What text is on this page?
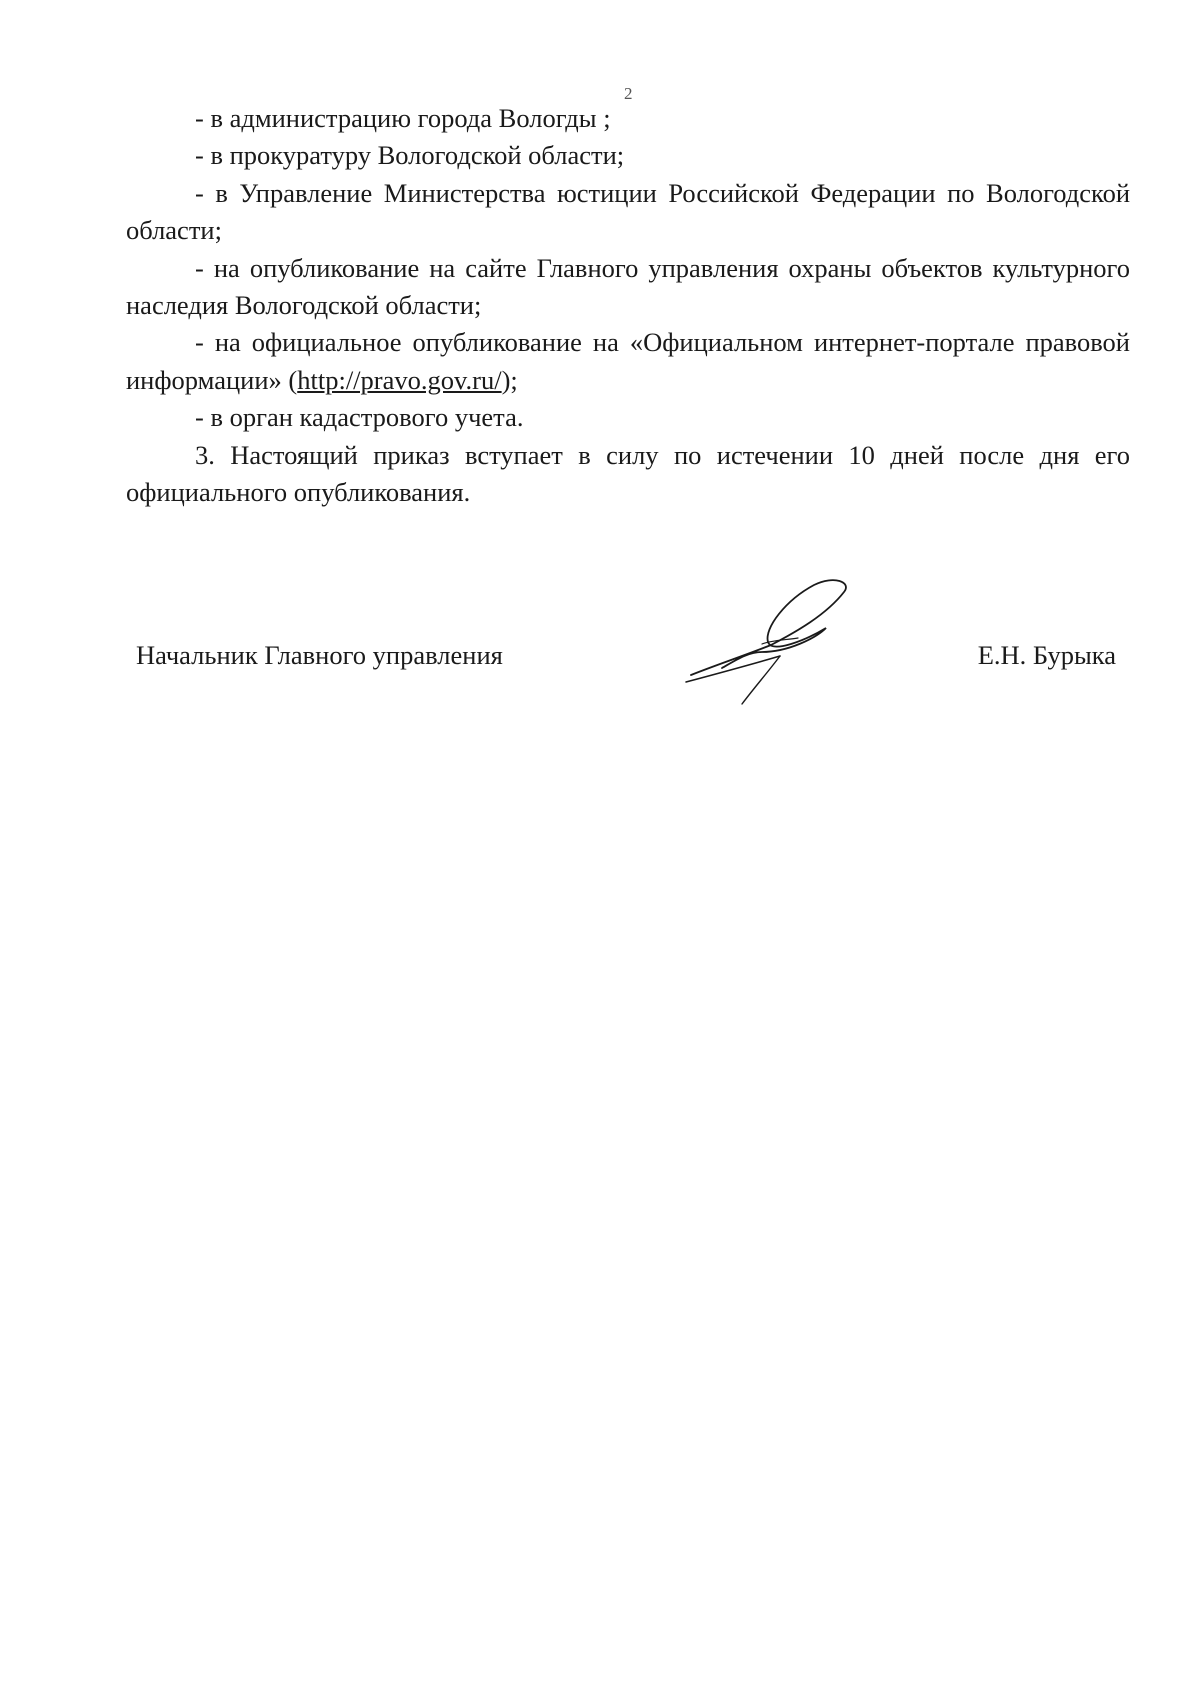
2

- в администрацию города Вологды ;

- в прокуратуру Вологодской области;

- в Управление Министерства юстиции Российской Федерации по Вологодской области;

- на опубликование на сайте Главного управления охраны объектов культурного наследия Вологодской области;

- на официальное опубликование на «Официальном интернет-портале правовой информации» (http://pravo.gov.ru/);

- в орган кадастрового учета.

3. Настоящий приказ вступает в силу по истечении 10 дней после дня его официального опубликования.

Начальник Главного управления	Е.Н. Бурыка
